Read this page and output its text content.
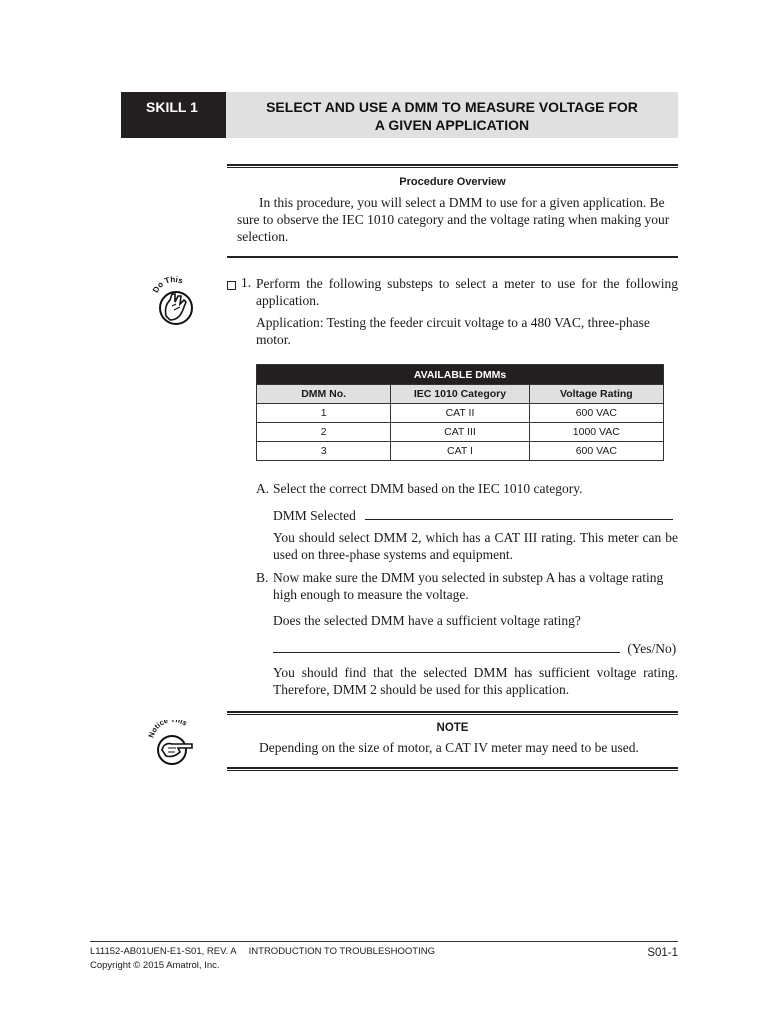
SKILL 1	SELECT AND USE A DMM TO MEASURE VOLTAGE FOR
A GIVEN APPLICATION
Procedure Overview

In this procedure, you will select a DMM to use for a given application. Be sure to observe the IEC 1010 category and the voltage rating when making your selection.

Do This	1. Perform the following substeps to select a meter to use for the following application.

Application: Testing the feeder circuit voltage to a 480 VAC, three-phase motor.

AVAILABLE DMMs		
DMM No.	IEC 1010 Category	Voltage Rating
1	CAT II	600 VAC
2	CAT III	1000 VAC
3	CAT I	600 VAC
A. Select the correct DMM based on the IEC 1010 category.

DMM Selected

You should select DMM 2, which has a CAT III rating. This meter can be used on three-phase systems and equipment.

B. Now make sure the DMM you selected in substep A has a voltage rating high enough to measure the voltage.

Does the selected DMM have a sufficient voltage rating?

(Yes/No)

You should find that the selected DMM has sufficient voltage rating. Therefore, DMM 2 should be used for this application.

otice his	NOTE

Depending on the size of motor, a CAT IV meter may need to be used.

L11152-AB01UEN-E1-S01, REV. A INTRODUCTION TO TROUBLESHOOTING
Copyright © 2015 Amatrol, Inc.
S01-1
